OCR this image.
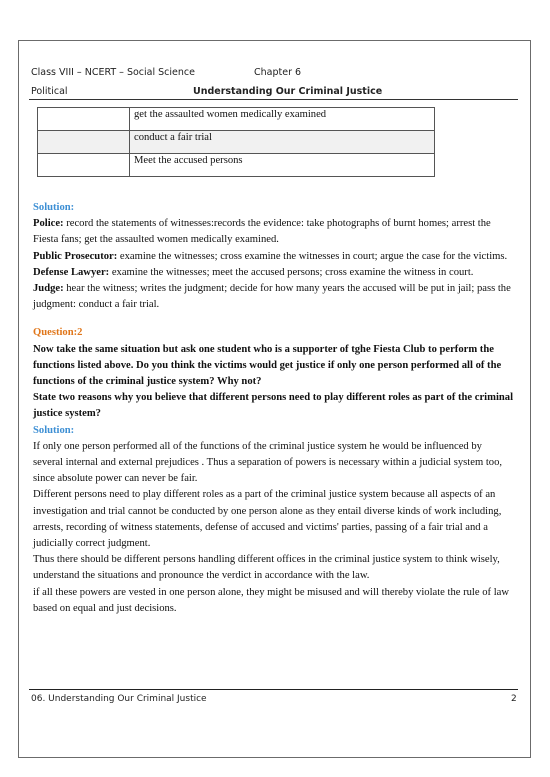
Class VIII – NCERT – Social Science	Chapter 6
Political	Understanding Our Criminal Justice
	get the assaulted women medically examined
	conduct a fair trial
	Meet the accused persons

Solution:

Police: record the statements of witnesses:records the evidence: take photographs of burnt homes; arrest the Fiesta fans; get the assaulted women medically examined.

Public Prosecutor: examine the witnesses; cross examine the witnesses in court; argue the case for the victims.

Defense Lawyer: examine the witnesses; meet the accused persons; cross examine the witness in court.

Judge: hear the witness; writes the judgment; decide for how many years the accused will be put in jail; pass the judgment: conduct a fair trial.

Question:2

Now take the same situation but ask one student who is a supporter of tghe Fiesta Club to perform the functions listed above. Do you think the victims would get justice if only one person performed all of the functions of the criminal justice system? Why not?

State two reasons why you believe that different persons need to play different roles as part of the criminal justice system?

Solution:

If only one person performed all of the functions of the criminal justice system he would be influenced by several internal and external prejudices . Thus a separation of powers is necessary within a judicial system too, since absolute power can never be fair.

Different persons need to play different roles as a part of the criminal justice system because all aspects of an investigation and trial cannot be conducted by one person alone as they entail diverse kinds of work including, arrests, recording of witness statements, defense of accused and victims' parties, passing of a fair trial and a judicially correct judgment.

Thus there should be different persons handling different offices in the criminal justice system to think wisely, understand the situations and pronounce the verdict in accordance with the law.

if all these powers are vested in one person alone, they might be misused and will thereby violate the rule of law based on equal and just decisions.

06. Understanding Our Criminal Justice	2
